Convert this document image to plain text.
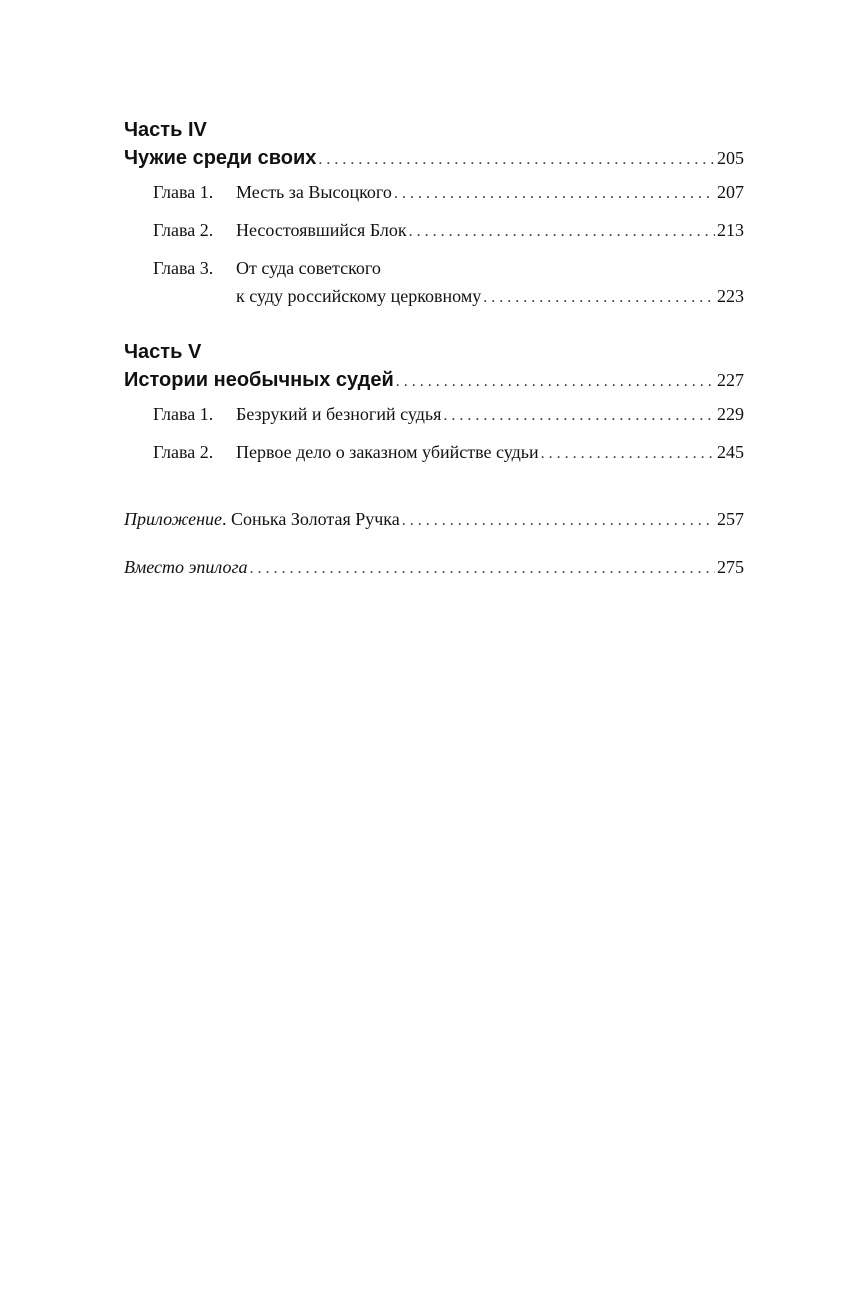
Часть IV
Чужие среди своих . . .	205
Глава 1. Месть за Высоцкого . . .	207
Глава 2. Несостоявшийся Блок . . .	213
Глава 3. От суда советского
к суду российскому церковному . . .	223
Часть V
Истории необычных судей . . .	227
Глава 1. Безрукий и безногий судья . . .	229
Глава 2. Первое дело о заказном убийстве судьи . . .	245
Приложение. Сонька Золотая Ручка . . .	257
Вместо эпилога . . .	275
